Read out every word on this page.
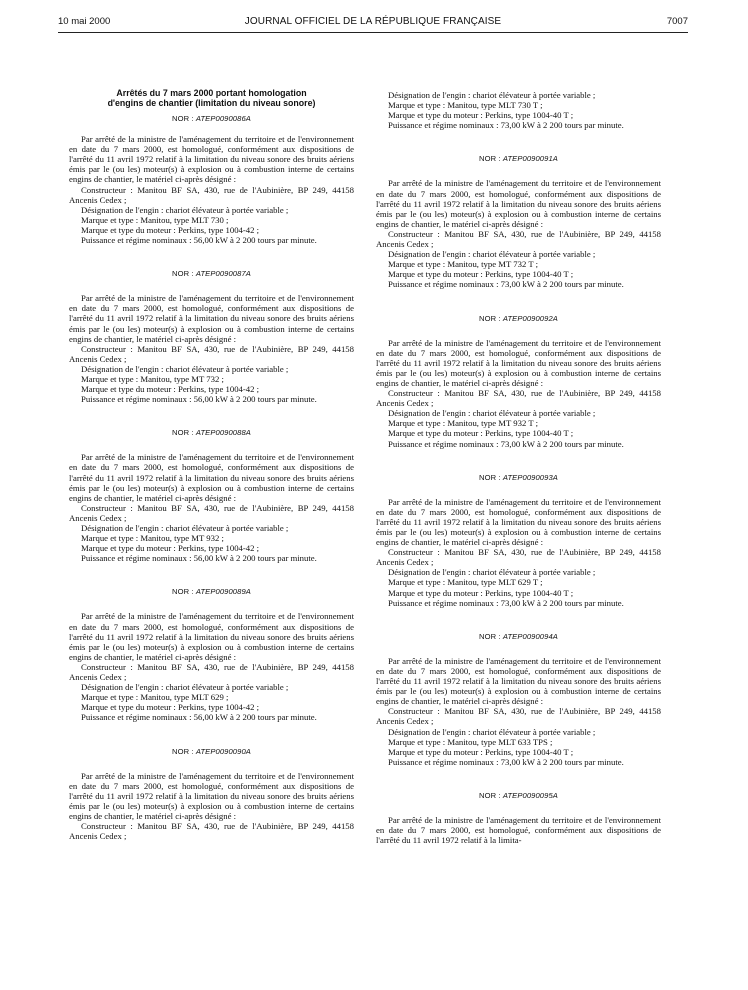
10 mai 2000	JOURNAL OFFICIEL DE LA RÉPUBLIQUE FRANÇAISE	7007
Arrêtés du 7 mars 2000 portant homologation
d'engins de chantier (limitation du niveau sonore)
NOR : ATEP0090086A

Par arrêté de la ministre de l'aménagement du territoire et de l'environnement en date du 7 mars 2000, est homologué, conformément aux dispositions de l'arrêté du 11 avril 1972 relatif à la limitation du niveau sonore des bruits aériens émis par le (ou les) moteur(s) à explosion ou à combustion interne de certains engins de chantier, le matériel ci-après désigné :

Constructeur : Manitou BF SA, 430, rue de l'Aubinière, BP 249, 44158 Ancenis Cedex ;

Désignation de l'engin : chariot élévateur à portée variable ;

Marque et type : Manitou, type MLT 730 ;

Marque et type du moteur : Perkins, type 1004-42 ;

Puissance et régime nominaux : 56,00 kW à 2 200 tours par minute.

NOR : ATEP0090087A

Par arrêté de la ministre de l'aménagement du territoire et de l'environnement en date du 7 mars 2000, est homologué, conformément aux dispositions de l'arrêté du 11 avril 1972 relatif à la limitation du niveau sonore des bruits aériens émis par le (ou les) moteur(s) à explosion ou à combustion interne de certains engins de chantier, le matériel ci-après désigné :

Constructeur : Manitou BF SA, 430, rue de l'Aubinière, BP 249, 44158 Ancenis Cedex ;

Désignation de l'engin : chariot élévateur à portée variable ;

Marque et type : Manitou, type MT 732 ;

Marque et type du moteur : Perkins, type 1004-42 ;

Puissance et régime nominaux : 56,00 kW à 2 200 tours par minute.

NOR : ATEP0090088A

Par arrêté de la ministre de l'aménagement du territoire et de l'environnement en date du 7 mars 2000, est homologué, conformément aux dispositions de l'arrêté du 11 avril 1972 relatif à la limitation du niveau sonore des bruits aériens émis par le (ou les) moteur(s) à explosion ou à combustion interne de certains engins de chantier, le matériel ci-après désigné :

Constructeur : Manitou BF SA, 430, rue de l'Aubinière, BP 249, 44158 Ancenis Cedex ;

Désignation de l'engin : chariot élévateur à portée variable ;

Marque et type : Manitou, type MT 932 ;

Marque et type du moteur : Perkins, type 1004-42 ;

Puissance et régime nominaux : 56,00 kW à 2 200 tours par minute.

NOR : ATEP0090089A

Par arrêté de la ministre de l'aménagement du territoire et de l'environnement en date du 7 mars 2000, est homologué, conformément aux dispositions de l'arrêté du 11 avril 1972 relatif à la limitation du niveau sonore des bruits aériens émis par le (ou les) moteur(s) à explosion ou à combustion interne de certains engins de chantier, le matériel ci-après désigné :

Constructeur : Manitou BF SA, 430, rue de l'Aubinière, BP 249, 44158 Ancenis Cedex ;

Désignation de l'engin : chariot élévateur à portée variable ;

Marque et type : Manitou, type MLT 629 ;

Marque et type du moteur : Perkins, type 1004-42 ;

Puissance et régime nominaux : 56,00 kW à 2 200 tours par minute.

NOR : ATEP0090090A

Par arrêté de la ministre de l'aménagement du territoire et de l'environnement en date du 7 mars 2000, est homologué, conformément aux dispositions de l'arrêté du 11 avril 1972 relatif à la limitation du niveau sonore des bruits aériens émis par le (ou les) moteur(s) à explosion ou à combustion interne de certains engins de chantier, le matériel ci-après désigné :

Constructeur : Manitou BF SA, 430, rue de l'Aubinière, BP 249, 44158 Ancenis Cedex ;

Désignation de l'engin : chariot élévateur à portée variable ;

Marque et type : Manitou, type MLT 730 T ;

Marque et type du moteur : Perkins, type 1004-40 T ;

Puissance et régime nominaux : 73,00 kW à 2 200 tours par minute.

NOR : ATEP0090091A

Par arrêté de la ministre de l'aménagement du territoire et de l'environnement en date du 7 mars 2000, est homologué, conformément aux dispositions de l'arrêté du 11 avril 1972 relatif à la limitation du niveau sonore des bruits aériens émis par le (ou les) moteur(s) à explosion ou à combustion interne de certains engins de chantier, le matériel ci-après désigné :

Constructeur : Manitou BF SA, 430, rue de l'Aubinière, BP 249, 44158 Ancenis Cedex ;

Désignation de l'engin : chariot élévateur à portée variable ;

Marque et type : Manitou, type MT 732 T ;

Marque et type du moteur : Perkins, type 1004-40 T ;

Puissance et régime nominaux : 73,00 kW à 2 200 tours par minute.

NOR : ATEP0090092A

Par arrêté de la ministre de l'aménagement du territoire et de l'environnement en date du 7 mars 2000, est homologué, conformément aux dispositions de l'arrêté du 11 avril 1972 relatif à la limitation du niveau sonore des bruits aériens émis par le (ou les) moteur(s) à explosion ou à combustion interne de certains engins de chantier, le matériel ci-après désigné :

Constructeur : Manitou BF SA, 430, rue de l'Aubinière, BP 249, 44158 Ancenis Cedex ;

Désignation de l'engin : chariot élévateur à portée variable ;

Marque et type : Manitou, type MT 932 T ;

Marque et type du moteur : Perkins, type 1004-40 T ;

Puissance et régime nominaux : 73,00 kW à 2 200 tours par minute.

NOR : ATEP0090093A

Par arrêté de la ministre de l'aménagement du territoire et de l'environnement en date du 7 mars 2000, est homologué, conformément aux dispositions de l'arrêté du 11 avril 1972 relatif à la limitation du niveau sonore des bruits aériens émis par le (ou les) moteur(s) à explosion ou à combustion interne de certains engins de chantier, le matériel ci-après désigné :

Constructeur : Manitou BF SA, 430, rue de l'Aubinière, BP 249, 44158 Ancenis Cedex ;

Désignation de l'engin : chariot élévateur à portée variable ;

Marque et type : Manitou, type MLT 629 T ;

Marque et type du moteur : Perkins, type 1004-40 T ;

Puissance et régime nominaux : 73,00 kW à 2 200 tours par minute.

NOR : ATEP0090094A

Par arrêté de la ministre de l'aménagement du territoire et de l'environnement en date du 7 mars 2000, est homologué, conformément aux dispositions de l'arrêté du 11 avril 1972 relatif à la limitation du niveau sonore des bruits aériens émis par le (ou les) moteur(s) à explosion ou à combustion interne de certains engins de chantier, le matériel ci-après désigné :

Constructeur : Manitou BF SA, 430, rue de l'Aubinière, BP 249, 44158 Ancenis Cedex ;

Désignation de l'engin : chariot élévateur à portée variable ;

Marque et type : Manitou, type MLT 633 TPS ;

Marque et type du moteur : Perkins, type 1004-40 T ;

Puissance et régime nominaux : 73,00 kW à 2 200 tours par minute.

NOR : ATEP0090095A

Par arrêté de la ministre de l'aménagement du territoire et de l'environnement en date du 7 mars 2000, est homologué, conformément aux dispositions de l'arrêté du 11 avril 1972 relatif à la limita-
